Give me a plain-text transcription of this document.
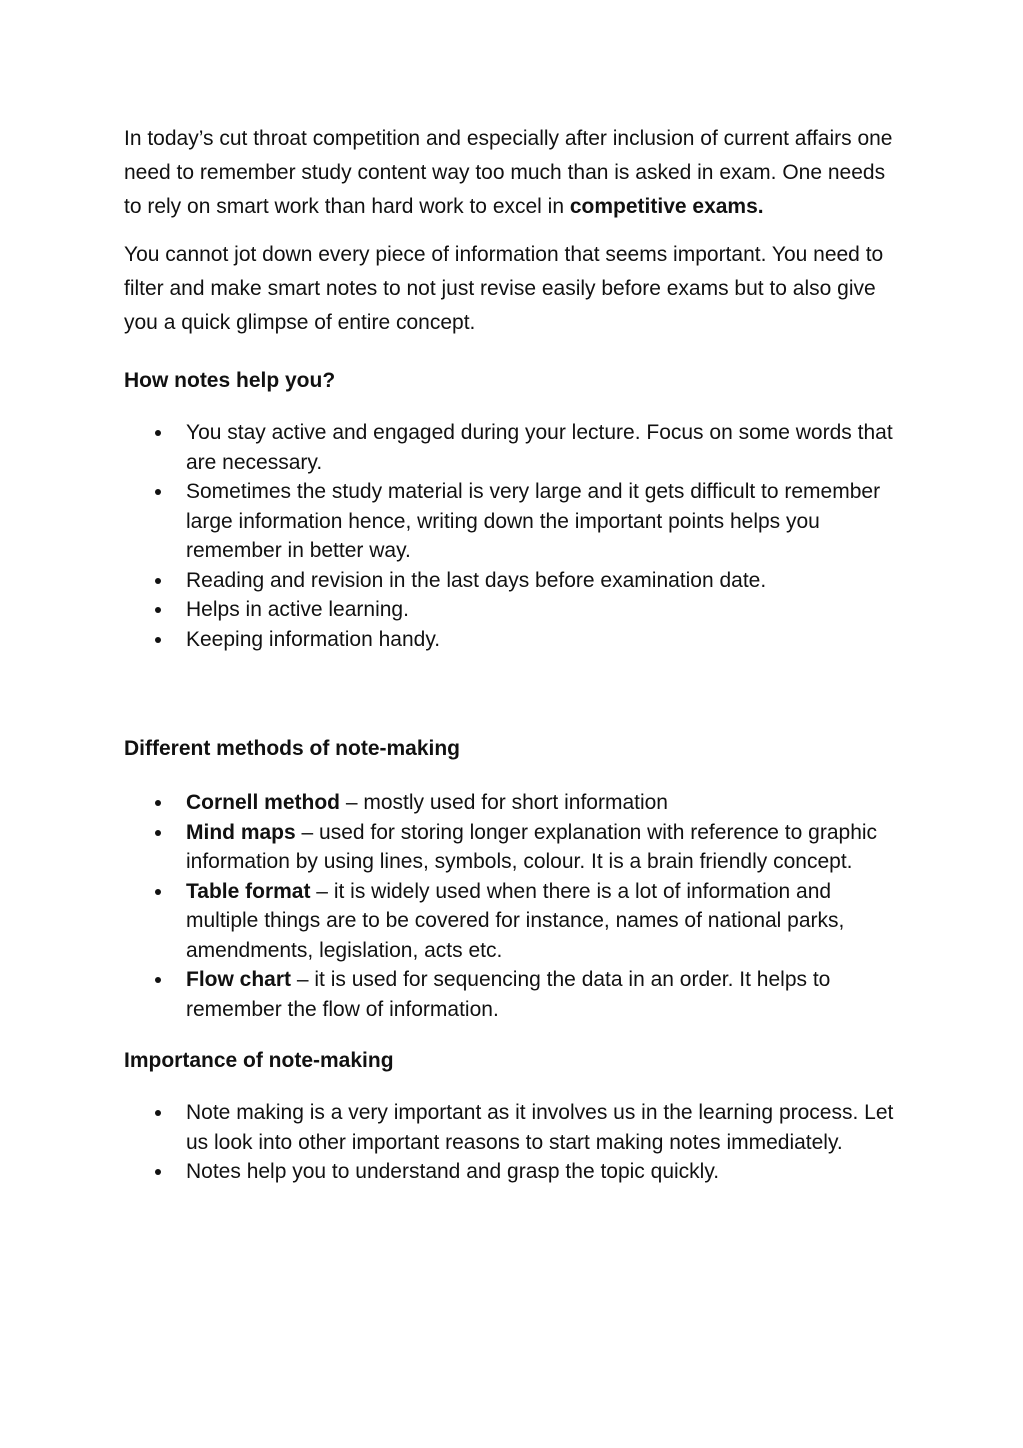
In today’s cut throat competition and especially after inclusion of current affairs one need to remember study content way too much than is asked in exam. One needs to rely on smart work than hard work to excel in competitive exams.

You cannot jot down every piece of information that seems important. You need to filter and make smart notes to not just revise easily before exams but to also give you a quick glimpse of entire concept.

How notes help you?

You stay active and engaged during your lecture. Focus on some words that are necessary.
Sometimes the study material is very large and it gets difficult to remember large information hence, writing down the important points helps you remember in better way.
Reading and revision in the last days before examination date.
Helps in active learning.
Keeping information handy.

Different methods of note-making

Cornell method – mostly used for short information
Mind maps – used for storing longer explanation with reference to graphic information by using lines, symbols, colour. It is a brain friendly concept.
Table format – it is widely used when there is a lot of information and multiple things are to be covered for instance, names of national parks, amendments, legislation, acts etc.
Flow chart – it is used for sequencing the data in an order. It helps to remember the flow of information.

Importance of note-making

Note making is a very important as it involves us in the learning process. Let us look into other important reasons to start making notes immediately.
Notes help you to understand and grasp the topic quickly.
